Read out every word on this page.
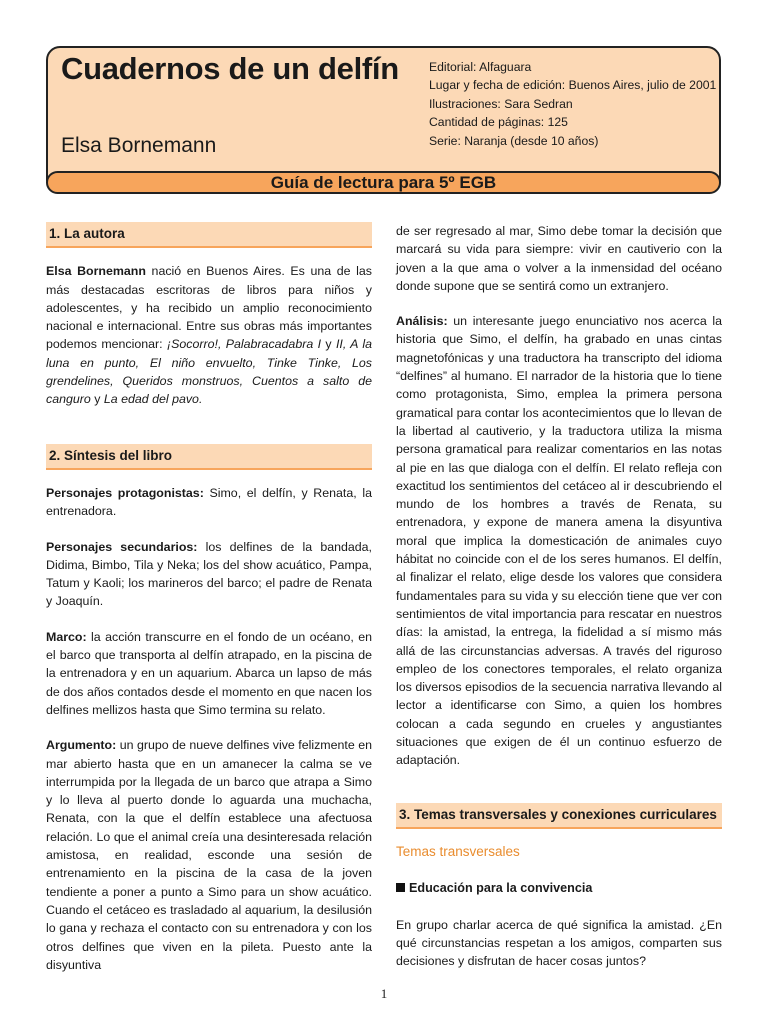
Cuadernos de un delfín
Elsa Bornemann
Editorial: Alfaguara
Lugar y fecha de edición: Buenos Aires, julio de 2001
Ilustraciones: Sara Sedran
Cantidad de páginas: 125
Serie: Naranja (desde 10 años)
Guía de lectura para 5º EGB
1. La autora

Elsa Bornemann nació en Buenos Aires. Es una de las más destacadas escritoras de libros para niños y adolescentes, y ha recibido un amplio reconocimiento nacional e internacional. Entre sus obras más importantes podemos mencionar: ¡Socorro!, Palabracadabra I y II, A la luna en punto, El niño envuelto, Tinke Tinke, Los grendelines, Queridos monstruos, Cuentos a salto de canguro y La edad del pavo.

2. Síntesis del libro

Personajes protagonistas: Simo, el delfín, y Renata, la entrenadora.

Personajes secundarios: los delfines de la bandada, Didima, Bimbo, Tila y Neka; los del show acuático, Pampa, Tatum y Kaoli; los marineros del barco; el padre de Renata y Joaquín.

Marco: la acción transcurre en el fondo de un océano, en el barco que transporta al delfín atrapado, en la piscina de la entrenadora y en un aquarium. Abarca un lapso de más de dos años contados desde el momento en que nacen los delfines mellizos hasta que Simo termina su relato.

Argumento: un grupo de nueve delfines vive felizmente en mar abierto hasta que en un amanecer la calma se ve interrumpida por la llegada de un barco que atrapa a Simo y lo lleva al puerto donde lo aguarda una muchacha, Renata, con la que el delfín establece una afectuosa relación. Lo que el animal creía una desinteresada relación amistosa, en realidad, esconde una sesión de entrenamiento en la piscina de la casa de la joven tendiente a poner a punto a Simo para un show acuático. Cuando el cetáceo es trasladado al aquarium, la desilusión lo gana y rechaza el contacto con su entrenadora y con los otros delfines que viven en la pileta. Puesto ante la disyuntiva

de ser regresado al mar, Simo debe tomar la decisión que marcará su vida para siempre: vivir en cautiverio con la joven a la que ama o volver a la inmensidad del océano donde supone que se sentirá como un extranjero.

Análisis: un interesante juego enunciativo nos acerca la historia que Simo, el delfín, ha grabado en unas cintas magnetofónicas y una traductora ha transcripto del idioma “delfines” al humano. El narrador de la historia que lo tiene como protagonista, Simo, emplea la primera persona gramatical para contar los acontecimientos que lo llevan de la libertad al cautiverio, y la traductora utiliza la misma persona gramatical para realizar comentarios en las notas al pie en las que dialoga con el delfín. El relato refleja con exactitud los sentimientos del cetáceo al ir descubriendo el mundo de los hombres a través de Renata, su entrenadora, y expone de manera amena la disyuntiva moral que implica la domesticación de animales cuyo hábitat no coincide con el de los seres humanos. El delfín, al finalizar el relato, elige desde los valores que considera fundamentales para su vida y su elección tiene que ver con sentimientos de vital importancia para rescatar en nuestros días: la amistad, la entrega, la fidelidad a sí mismo más allá de las circunstancias adversas. A través del riguroso empleo de los conectores temporales, el relato organiza los diversos episodios de la secuencia narrativa llevando al lector a identificarse con Simo, a quien los hombres colocan a cada segundo en crueles y angustiantes situaciones que exigen de él un continuo esfuerzo de adaptación.

3. Temas transversales y conexiones curriculares
Temas transversales
Educación para la convivencia

En grupo charlar acerca de qué significa la amistad. ¿En qué circunstancias respetan a los amigos, comparten sus decisiones y disfrutan de hacer cosas juntos?

1
